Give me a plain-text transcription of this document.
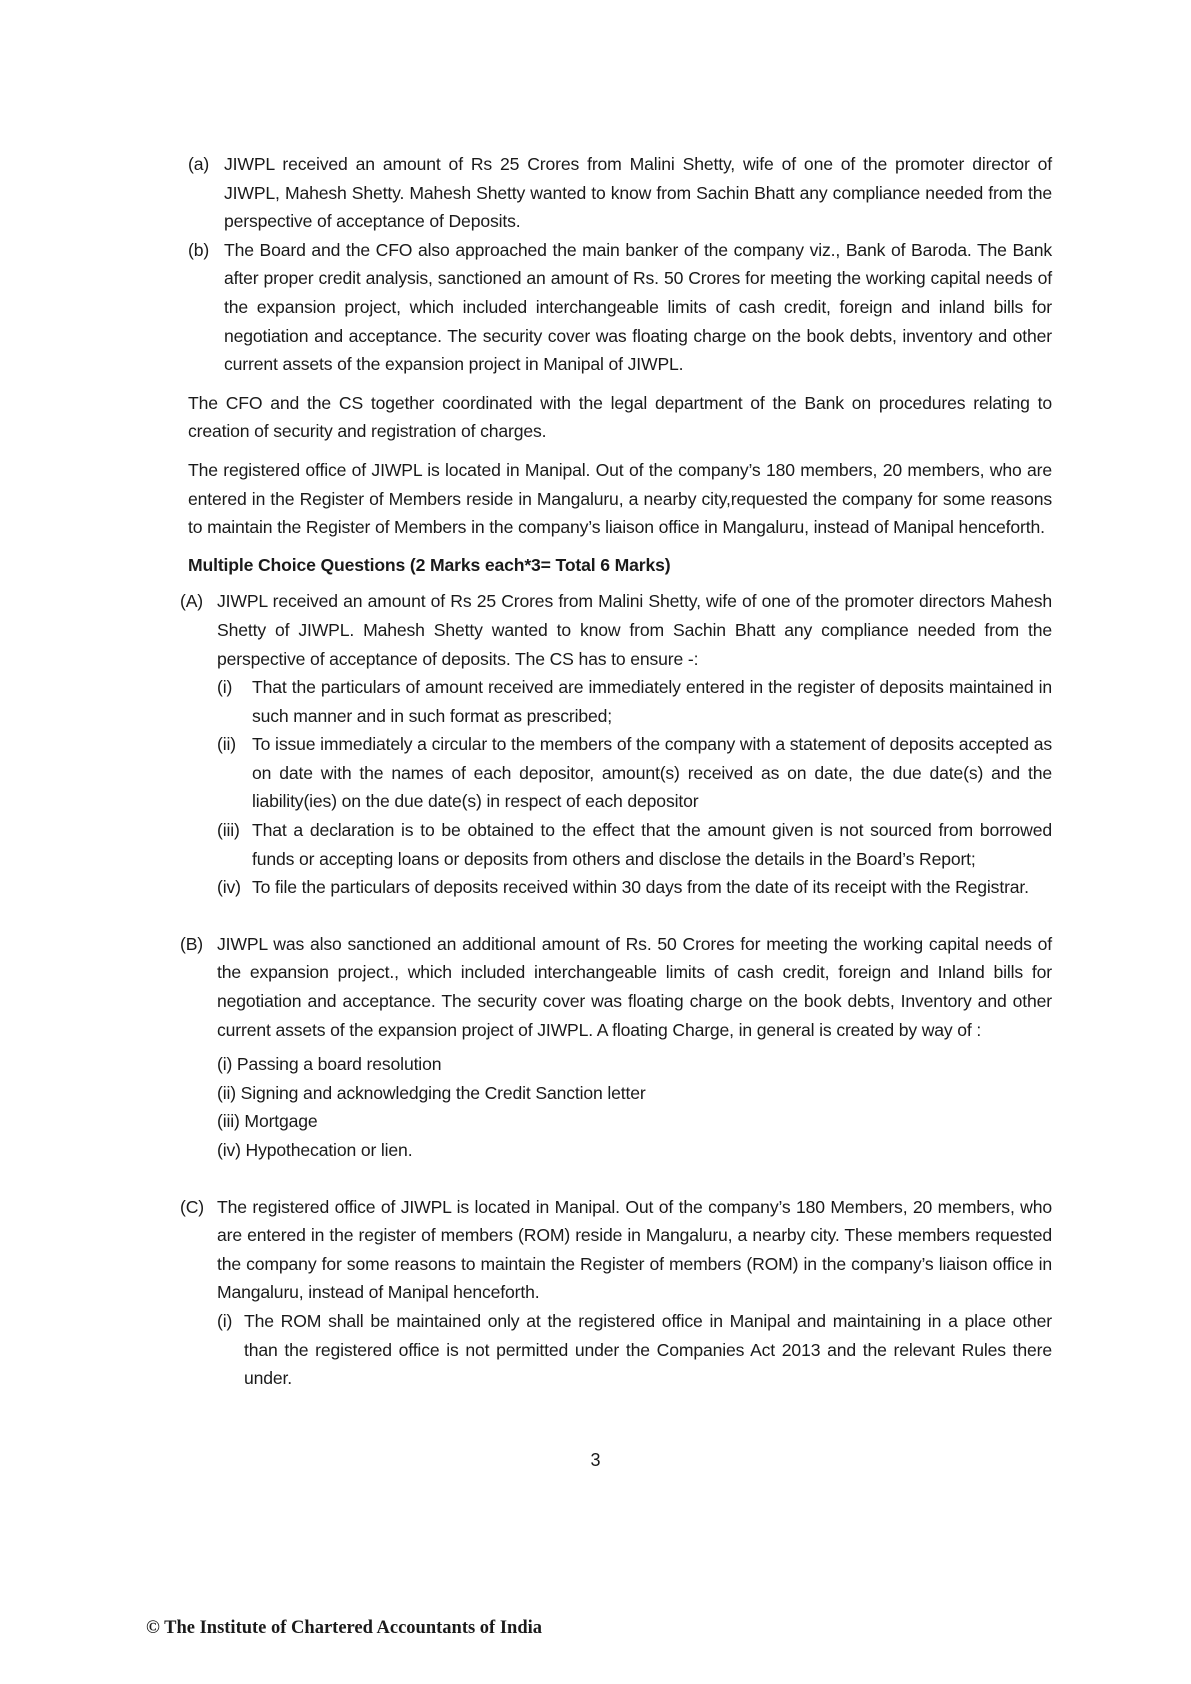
(a) JIWPL received an amount of Rs 25 Crores from Malini Shetty, wife of one of the promoter director of JIWPL, Mahesh Shetty. Mahesh Shetty wanted to know from Sachin Bhatt any compliance needed from the perspective of acceptance of Deposits.
(b) The Board and the CFO also approached the main banker of the company viz., Bank of Baroda. The Bank after proper credit analysis, sanctioned an amount of Rs. 50 Crores for meeting the working capital needs of the expansion project, which included interchangeable limits of cash credit, foreign and inland bills for negotiation and acceptance. The security cover was floating charge on the book debts, inventory and other current assets of the expansion project in Manipal of JIWPL.

The CFO and the CS together coordinated with the legal department of the Bank on procedures relating to creation of security and registration of charges.

The registered office of JIWPL is located in Manipal. Out of the company’s 180 members, 20 members, who are entered in the Register of Members reside in Mangaluru, a nearby city,requested the company for some reasons to maintain the Register of Members in the company’s liaison office in Mangaluru, instead of Manipal henceforth.

Multiple Choice Questions (2 Marks each*3= Total 6 Marks)

(A) JIWPL received an amount of Rs 25 Crores from Malini Shetty, wife of one of the promoter directors Mahesh Shetty of JIWPL. Mahesh Shetty wanted to know from Sachin Bhatt any compliance needed from the perspective of acceptance of deposits. The CS has to ensure -:
(i) That the particulars of amount received are immediately entered in the register of deposits maintained in such manner and in such format as prescribed;
(ii) To issue immediately a circular to the members of the company with a statement of deposits accepted as on date with the names of each depositor, amount(s) received as on date, the due date(s) and the liability(ies) on the due date(s) in respect of each depositor
(iii) That a declaration is to be obtained to the effect that the amount given is not sourced from borrowed funds or accepting loans or deposits from others and disclose the details in the Board’s Report;
(iv) To file the particulars of deposits received within 30 days from the date of its receipt with the Registrar.
(B) JIWPL was also sanctioned an additional amount of Rs. 50 Crores for meeting the working capital needs of the expansion project., which included interchangeable limits of cash credit, foreign and Inland bills for negotiation and acceptance. The security cover was floating charge on the book debts, Inventory and other current assets of the expansion project of JIWPL. A floating Charge, in general is created by way of :
(i) Passing a board resolution
(ii) Signing and acknowledging the Credit Sanction letter
(iii) Mortgage
(iv) Hypothecation or lien.
(C) The registered office of JIWPL is located in Manipal. Out of the company’s 180 Members, 20 members, who are entered in the register of members (ROM) reside in Mangaluru, a nearby city. These members requested the company for some reasons to maintain the Register of members (ROM) in the company’s liaison office in Mangaluru, instead of Manipal henceforth.
(i) The ROM shall be maintained only at the registered office in Manipal and maintaining in a place other than the registered office is not permitted under the Companies Act 2013 and the relevant Rules there under.
3
© The Institute of Chartered Accountants of India
